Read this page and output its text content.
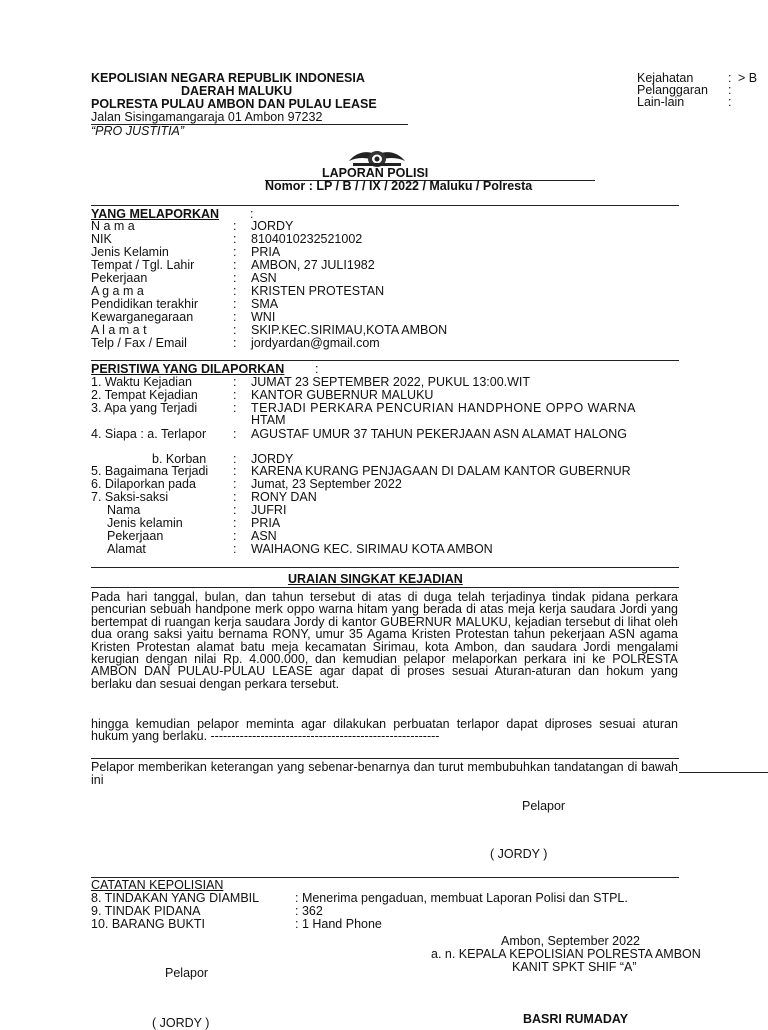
KEPOLISIAN NEGARA REPUBLIK INDONESIA
DAERAH MALUKU
POLRESTA PULAU AMBON DAN PULAU LEASE
Jalan Sisingamangaraja 01 Ambon 97232
“PRO JUSTITIA”
Kejahatan	: > B
Pelanggaran :
Lain-lain	:
LAPORAN POLISI
Nomor : LP / B / / IX / 2022 / Maluku / Polresta
YANG MELAPORKAN :
N a m a	: JORDY
NIK	: 8104010232521002
Jenis Kelamin	: PRIA
Tempat / Tgl. Lahir	: AMBON, 27 JULI1982
Pekerjaan	: ASN
A g a m a	: KRISTEN PROTESTAN
Pendidikan terakhir	: SMA
Kewarganegaraan	: WNI
A l a m a t	: SKIP.KEC.SIRIMAU,KOTA AMBON
Telp / Fax / Email	: jordyardan@gmail.com
PERISTIWA YANG DILAPORKAN :
1. Waktu Kejadian	: JUMAT 23 SEPTEMBER 2022, PUKUL 13:00.WIT
2. Tempat Kejadian	: KANTOR GUBERNUR MALUKU
3. Apa yang Terjadi	: TERJADI PERKARA PENCURIAN HANDPHONE OPPO WARNA
HTAM
4. Siapa : a. Terlapor : AGUSTAF UMUR 37 TAHUN PEKERJAAN ASN ALAMAT HALONG
b. Korban : JORDY
5. Bagaimana Terjadi : KARENA KURANG PENJAGAAN DI DALAM KANTOR GUBERNUR
6. Dilaporkan pada	: Jumat, 23 September 2022
7. Saksi-saksi	: RONY DAN
Nama	: JUFRI
Jenis kelamin	: PRIA
Pekerjaan	: ASN
Alamat	: WAIHAONG KEC. SIRIMAU KOTA AMBON
URAIAN SINGKAT KEJADIAN
Pada hari tanggal, bulan, dan tahun tersebut di atas di duga telah terjadinya tindak pidana perkara pencurian sebuah handpone merk oppo warna hitam yang berada di atas meja kerja saudara Jordi yang bertempat di ruangan kerja saudara Jordy di kantor GUBERNUR MALUKU, kejadian tersebut di lihat oleh dua orang saksi yaitu bernama RONY, umur 35 Agama Kristen Protestan tahun pekerjaan ASN agama Kristen Protestan alamat batu meja kecamatan Sirimau, kota Ambon, dan saudara Jordi mengalami kerugian dengan nilai Rp. 4.000.000, dan kemudian pelapor melaporkan perkara ini ke POLRESTA AMBON DAN PULAU-PULAU LEASE agar dapat di proses sesuai Aturan-aturan dan hokum yang berlaku dan sesuai dengan perkara tersebut.
hingga kemudian pelapor meminta agar dilakukan perbuatan terlapor dapat diproses sesuai aturan hukum yang berlaku. -------------------------------------------------------
Pelapor memberikan keterangan yang sebenar-benarnya dan turut membubuhkan tandatangan di bawah ini
Pelapor
( JORDY )
CATATAN KEPOLISIAN
8. TINDAKAN YANG DIAMBIL	: Menerima pengaduan, membuat Laporan Polisi dan STPL.
9. TINDAK PIDANA	: 362
10. BARANG BUKTI	: 1 Hand Phone
Ambon, September 2022
a. n. KEPALA KEPOLISIAN POLRESTA AMBON
KANIT SPKT SHIF “A”
Pelapor
( JORDY )	BASRI RUMADAY
